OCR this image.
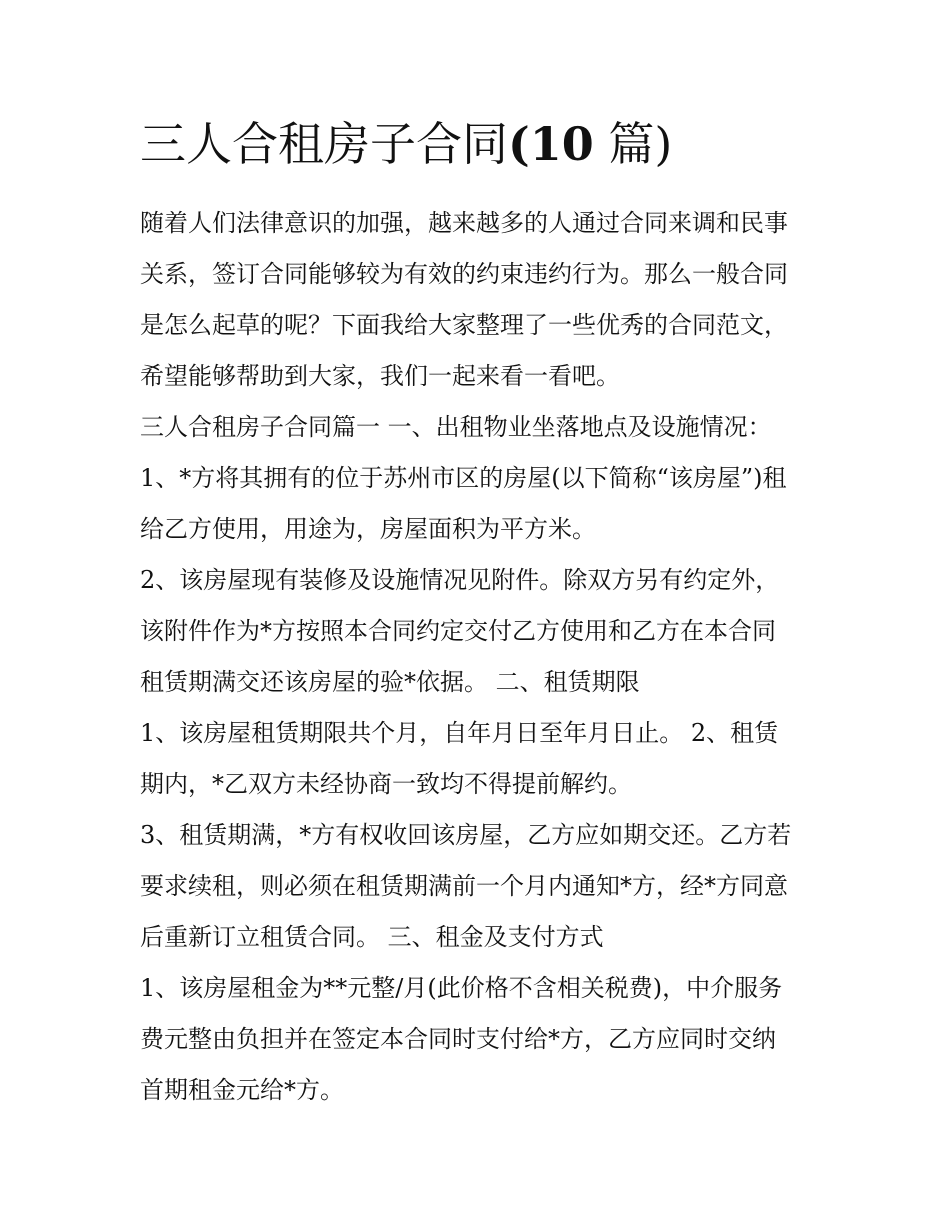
三人合租房子合同(10 篇)
随着人们法律意识的加强，越来越多的人通过合同来调和民事
关系，签订合同能够较为有效的约束违约行为。那么一般合同
是怎么起草的呢？下面我给大家整理了一些优秀的合同范文，
希望能够帮助到大家，我们一起来看一看吧。
三人合租房子合同篇一 一、出租物业坐落地点及设施情况：
1、*方将其拥有的位于苏州市区的房屋(以下简称“该房屋”)租
给乙方使用，用途为，房屋面积为平方米。
2、该房屋现有装修及设施情况见附件。除双方另有约定外，
该附件作为*方按照本合同约定交付乙方使用和乙方在本合同
租赁期满交还该房屋的验*依据。 二、租赁期限
1、该房屋租赁期限共个月，自年月日至年月日止。 2、租赁
期内，*乙双方未经协商一致均不得提前解约。
3、租赁期满，*方有权收回该房屋，乙方应如期交还。乙方若
要求续租，则必须在租赁期满前一个月内通知*方，经*方同意
后重新订立租赁合同。 三、租金及支付方式
1、该房屋租金为**元整/月(此价格不含相关税费)，中介服务
费元整由负担并在签定本合同时支付给*方，乙方应同时交纳
首期租金元给*方。
